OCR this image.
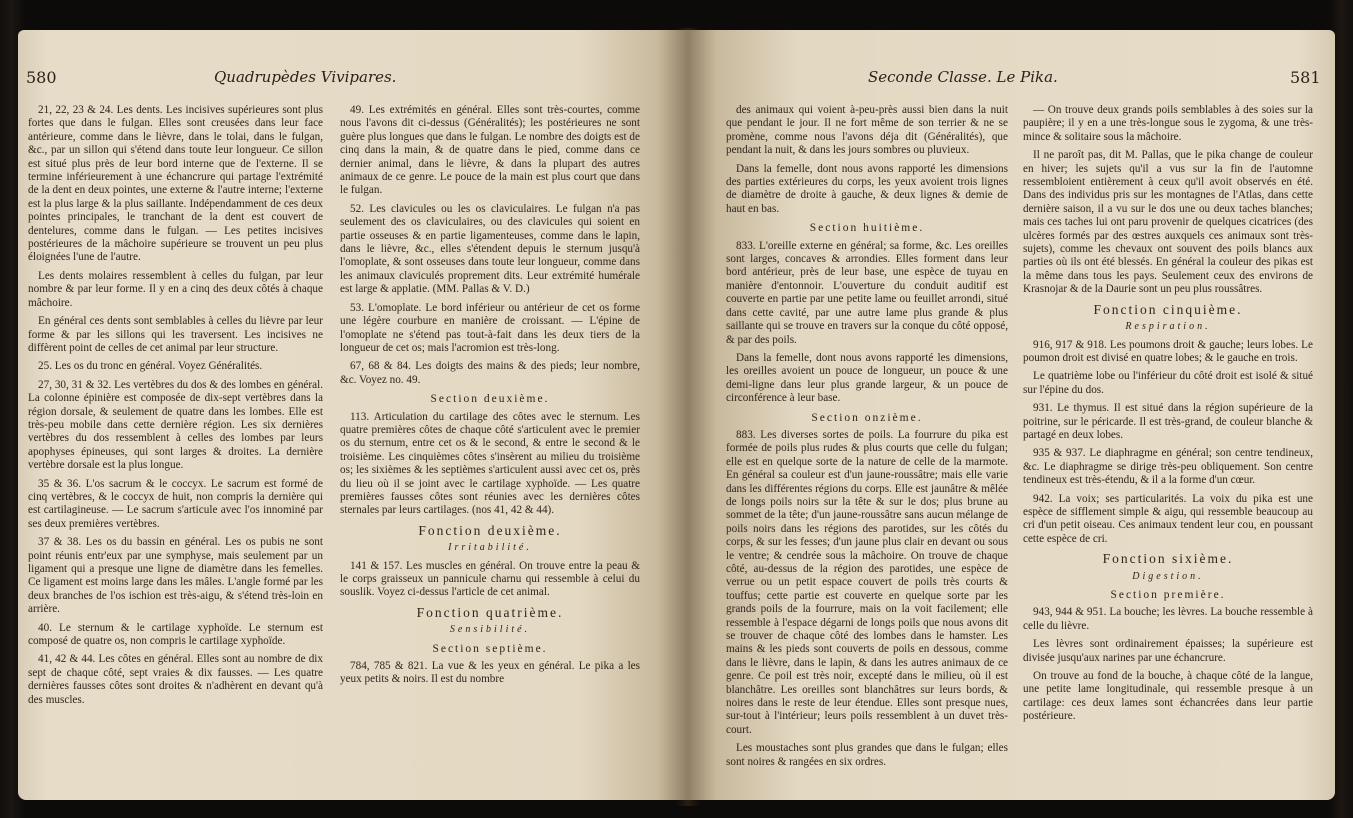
580	Quadrupèdes Vivipares.

21, 22, 23 & 24. Les dents. Les incisives supérieures sont plus fortes que dans le fulgan. Elles sont creusées dans leur face antérieure, comme dans le lièvre, dans le tolai, dans le fulgan, &c., par un sillon qui s'étend dans toute leur longueur. Ce sillon est situé plus près de leur bord interne que de l'externe. Il se termine inférieurement à une échancrure qui partage l'extrémité de la dent en deux pointes, une externe & l'autre interne; l'externe est la plus large & la plus saillante. Indépendamment de ces deux pointes principales, le tranchant de la dent est couvert de dentelures, comme dans le fulgan. — Les petites incisives postérieures de la mâchoire supérieure se trouvent un peu plus éloignées l'une de l'autre.

Les dents molaires ressemblent à celles du fulgan, par leur nombre & par leur forme. Il y en a cinq des deux côtés à chaque mâchoire.

En général ces dents sont semblables à celles du lièvre par leur forme & par les sillons qui les traversent. Les incisives ne diffèrent point de celles de cet animal par leur structure.

25. Les os du tronc en général. Voyez Généralités.

27, 30, 31 & 32. Les vertèbres du dos & des lombes en général. La colonne épinière est composée de dix-sept vertèbres dans la région dorsale, & seulement de quatre dans les lombes. Elle est très-peu mobile dans cette dernière région. Les six dernières vertèbres du dos ressemblent à celles des lombes par leurs apophyses épineuses, qui sont larges & droites. La dernière vertèbre dorsale est la plus longue.

35 & 36. L'os sacrum & le coccyx. Le sacrum est formé de cinq vertèbres, & le coccyx de huit, non compris la dernière qui est cartilagineuse. — Le sacrum s'articule avec l'os innominé par ses deux premières vertèbres.

37 & 38. Les os du bassin en général. Les os pubis ne sont point réunis entr'eux par une symphyse, mais seulement par un ligament qui a presque une ligne de diamètre dans les femelles. Ce ligament est moins large dans les mâles. L'angle formé par les deux branches de l'os ischion est très-aigu, & s'étend très-loin en arrière.

40. Le sternum & le cartilage xyphoïde. Le sternum est composé de quatre os, non compris le cartilage xyphoïde.

41, 42 & 44. Les côtes en général. Elles sont au nombre de dix sept de chaque côté, sept vraies & dix fausses. — Les quatre dernières fausses côtes sont droites & n'adhèrent en devant qu'à des muscles.

49. Les extrémités en général. Elles sont très-courtes, comme nous l'avons dit ci-dessus (Généralités); les postérieures ne sont guère plus longues que dans le fulgan. Le nombre des doigts est de cinq dans la main, & de quatre dans le pied, comme dans ce dernier animal, dans le lièvre, & dans la plupart des autres animaux de ce genre. Le pouce de la main est plus court que dans le fulgan.

52. Les clavicules ou les os claviculaires. Le fulgan n'a pas seulement des os claviculaires, ou des clavicules qui soient en partie osseuses & en partie ligamenteuses, comme dans le lapin, dans le lièvre, &c., elles s'étendent depuis le sternum jusqu'à l'omoplate, & sont osseuses dans toute leur longueur, comme dans les animaux claviculés proprement dits. Leur extrémité humérale est large & applatie. (MM. Pallas & V. D.)

53. L'omoplate. Le bord inférieur ou antérieur de cet os forme une légère courbure en manière de croissant. — L'épine de l'omoplate ne s'étend pas tout-à-fait dans les deux tiers de la longueur de cet os; mais l'acromion est très-long.

67, 68 & 84. Les doigts des mains & des pieds; leur nombre, &c. Voyez no. 49.

Section deuxième.

113. Articulation du cartilage des côtes avec le sternum. Les quatre premières côtes de chaque côté s'articulent avec le premier os du sternum, entre cet os & le second, & entre le second & le troisième. Les cinquièmes côtes s'insèrent au milieu du troisième os; les sixièmes & les septièmes s'articulent aussi avec cet os, près du lieu où il se joint avec le cartilage xyphoïde. — Les quatre premières fausses côtes sont réunies avec les dernières côtes sternales par leurs cartilages. (nos 41, 42 & 44).

Fonction deuxième.

Irritabilité.

141 & 157. Les muscles en général. On trouve entre la peau & le corps graisseux un pannicule charnu qui ressemble à celui du souslik. Voyez ci-dessus l'article de cet animal.

Fonction quatrième.

Sensibilité.

Section septième.

784, 785 & 821. La vue & les yeux en général. Le pika a les yeux petits & noirs. Il est du nombre

Seconde Classe. Le Pika.	581

des animaux qui voient à-peu-près aussi bien dans la nuit que pendant le jour. Il ne fort même de son terrier & ne se promène, comme nous l'avons déja dit (Généralités), que pendant la nuit, & dans les jours sombres ou pluvieux.

Dans la femelle, dont nous avons rapporté les dimensions des parties extérieures du corps, les yeux avoient trois lignes de diamètre de droite à gauche, & deux lignes & demie de haut en bas.

Section huitième.

833. L'oreille externe en général; sa forme, &c. Les oreilles sont larges, concaves & arrondies. Elles forment dans leur bord antérieur, près de leur base, une espèce de tuyau en manière d'entonnoir. L'ouverture du conduit auditif est couverte en partie par une petite lame ou feuillet arrondi, situé dans cette cavité, par une autre lame plus grande & plus saillante qui se trouve en travers sur la conque du côté opposé, & par des poils.

Dans la femelle, dont nous avons rapporté les dimensions, les oreilles avoient un pouce de longueur, un pouce & une demi-ligne dans leur plus grande largeur, & un pouce de circonférence à leur base.

Section onzième.

883. Les diverses sortes de poils. La fourrure du pika est formée de poils plus rudes & plus courts que celle du fulgan; elle est en quelque sorte de la nature de celle de la marmote. En général sa couleur est d'un jaune-roussâtre; mais elle varie dans les différentes régions du corps. Elle est jaunâtre & mêlée de longs poils noirs sur la tête & sur le dos; plus brune au sommet de la tête; d'un jaune-roussâtre sans aucun mélange de poils noirs dans les régions des parotides, sur les côtés du corps, & sur les fesses; d'un jaune plus clair en devant ou sous le ventre; & cendrée sous la mâchoire. On trouve de chaque côté, au-dessus de la région des parotides, une espèce de verrue ou un petit espace couvert de poils très courts & touffus; cette partie est couverte en quelque sorte par les grands poils de la fourrure, mais on la voit facilement; elle ressemble à l'espace dégarni de longs poils que nous avons dit se trouver de chaque côté des lombes dans le hamster. Les mains & les pieds sont couverts de poils en dessous, comme dans le lièvre, dans le lapin, & dans les autres animaux de ce genre. Ce poil est très noir, excepté dans le milieu, où il est blanchâtre. Les oreilles sont blanchâtres sur leurs bords, & noires dans le reste de leur étendue. Elles sont presque nues, sur-tout à l'intérieur; leurs poils ressemblent à un duvet très-court.

Les moustaches sont plus grandes que dans le fulgan; elles sont noires & rangées en six ordres.

— On trouve deux grands poils semblables à des soies sur la paupière; il y en a une très-longue sous le zygoma, & une très-mince & solitaire sous la mâchoire.

Il ne paroît pas, dit M. Pallas, que le pika change de couleur en hiver; les sujets qu'il a vus sur la fin de l'automne ressembloient entièrement à ceux qu'il avoit observés en été. Dans des individus pris sur les montagnes de l'Atlas, dans cette dernière saison, il a vu sur le dos une ou deux taches blanches; mais ces taches lui ont paru provenir de quelques cicatrices (des ulcères formés par des œstres auxquels ces animaux sont très-sujets), comme les chevaux ont souvent des poils blancs aux parties où ils ont été blessés. En général la couleur des pikas est la même dans tous les pays. Seulement ceux des environs de Krasnojar & de la Daurie sont un peu plus roussâtres.

Fonction cinquième.

Respiration.

916, 917 & 918. Les poumons droit & gauche; leurs lobes. Le poumon droit est divisé en quatre lobes; & le gauche en trois.

Le quatrième lobe ou l'inférieur du côté droit est isolé & situé sur l'épine du dos.

931. Le thymus. Il est situé dans la région supérieure de la poitrine, sur le péricarde. Il est très-grand, de couleur blanche & partagé en deux lobes.

935 & 937. Le diaphragme en général; son centre tendineux, &c. Le diaphragme se dirige très-peu obliquement. Son centre tendineux est très-étendu, & il a la forme d'un cœur.

942. La voix; ses particularités. La voix du pika est une espèce de sifflement simple & aigu, qui ressemble beaucoup au cri d'un petit oiseau. Ces animaux tendent leur cou, en poussant cette espèce de cri.

Fonction sixième.

Digestion.

Section première.

943, 944 & 951. La bouche; les lèvres. La bouche ressemble à celle du lièvre.

Les lèvres sont ordinairement épaisses; la supérieure est divisée jusqu'aux narines par une échancrure.

On trouve au fond de la bouche, à chaque côté de la langue, une petite lame longitudinale, qui ressemble presque à un cartilage: ces deux lames sont échancrées dans leur partie postérieure.
